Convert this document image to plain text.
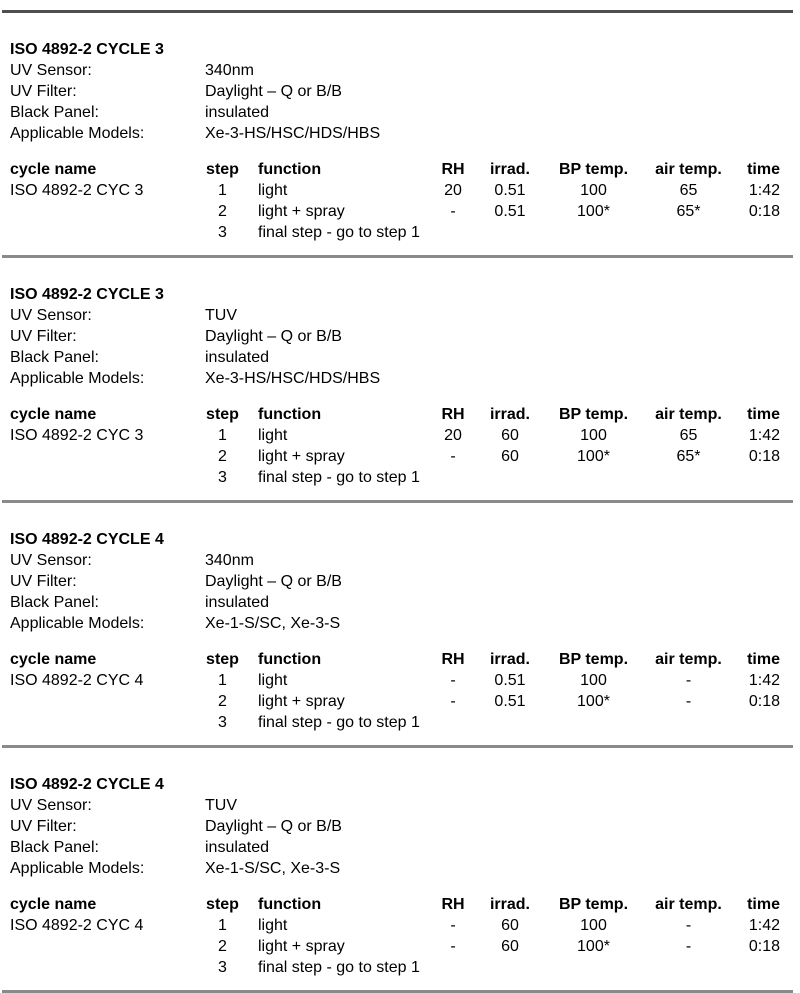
ISO 4892-2 CYCLE 3
UV Sensor:	340nm
UV Filter:	Daylight – Q or B/B
Black Panel:	insulated
Applicable Models:	Xe-3-HS/HSC/HDS/HBS
cycle name	step	function	RH	irrad.	BP temp.	air temp.	time
ISO 4892-2 CYC 3	1	light	20	0.51	100	65	1:42
	2	light + spray	-	0.51	100*	65*	0:18
	3	final step - go to step 1					
ISO 4892-2 CYCLE 3
UV Sensor:	TUV
UV Filter:	Daylight – Q or B/B
Black Panel:	insulated
Applicable Models:	Xe-3-HS/HSC/HDS/HBS
cycle name	step	function	RH	irrad.	BP temp.	air temp.	time
ISO 4892-2 CYC 3	1	light	20	60	100	65	1:42
	2	light + spray	-	60	100*	65*	0:18
	3	final step - go to step 1					
ISO 4892-2 CYCLE 4
UV Sensor:	340nm
UV Filter:	Daylight – Q or B/B
Black Panel:	insulated
Applicable Models:	Xe-1-S/SC, Xe-3-S
cycle name	step	function	RH	irrad.	BP temp.	air temp.	time
ISO 4892-2 CYC 4	1	light	-	0.51	100	-	1:42
	2	light + spray	-	0.51	100*	-	0:18
	3	final step - go to step 1					
ISO 4892-2 CYCLE 4
UV Sensor:	TUV
UV Filter:	Daylight – Q or B/B
Black Panel:	insulated
Applicable Models:	Xe-1-S/SC, Xe-3-S
cycle name	step	function	RH	irrad.	BP temp.	air temp.	time
ISO 4892-2 CYC 4	1	light	-	60	100	-	1:42
	2	light + spray	-	60	100*	-	0:18
	3	final step - go to step 1					
